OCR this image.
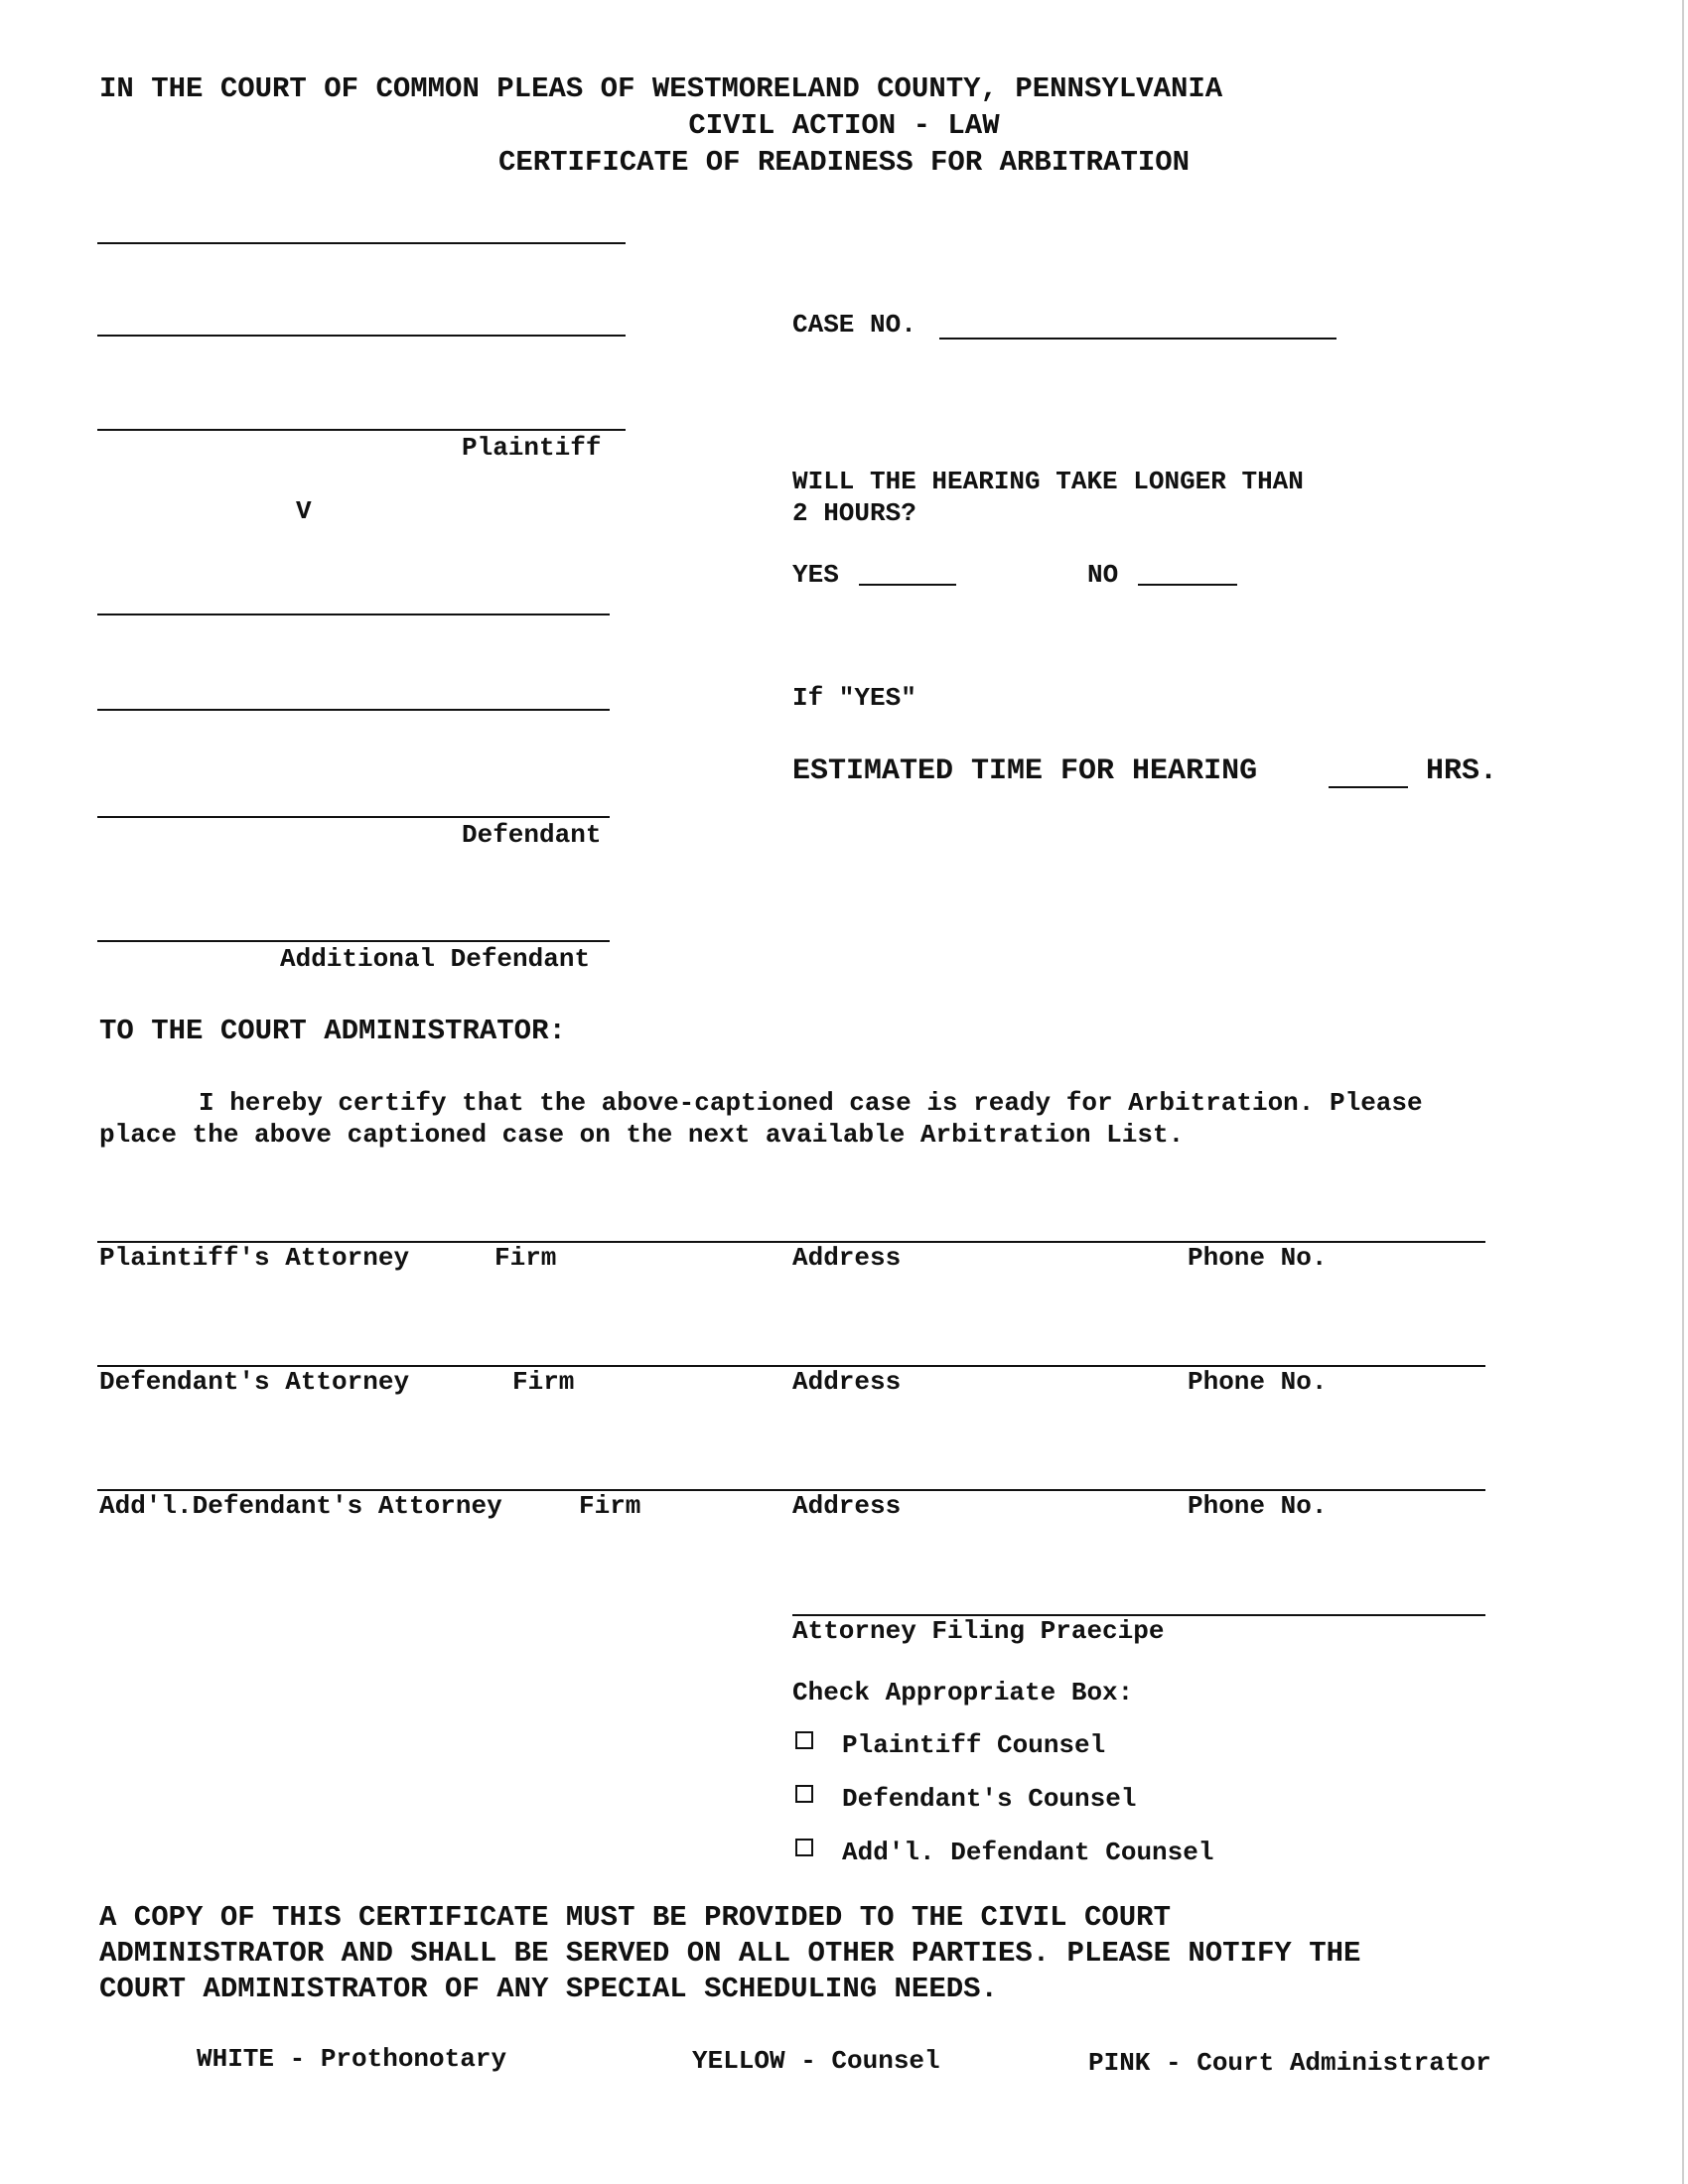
IN THE COURT OF COMMON PLEAS OF WESTMORELAND COUNTY, PENNSYLVANIA
CIVIL ACTION - LAW
CERTIFICATE OF READINESS FOR ARBITRATION
Plaintiff
V
Defendant
Additional Defendant
CASE NO.
WILL THE HEARING TAKE LONGER THAN
2 HOURS?
YES	NO
If "YES"
ESTIMATED TIME FOR HEARING	HRS.
TO THE COURT ADMINISTRATOR:
I hereby certify that the above-captioned case is ready for Arbitration. Please
place the above captioned case on the next available Arbitration List.
Plaintiff's Attorney	Firm	Address	Phone No.
Defendant's Attorney	Firm	Address	Phone No.
Add'l.Defendant's Attorney	Firm	Address	Phone No.
Attorney Filing Praecipe
Check Appropriate Box:
Plaintiff Counsel
Defendant's Counsel
Add'l. Defendant Counsel
A COPY OF THIS CERTIFICATE MUST BE PROVIDED TO THE CIVIL COURT
ADMINISTRATOR AND SHALL BE SERVED ON ALL OTHER PARTIES. PLEASE NOTIFY THE
COURT ADMINISTRATOR OF ANY SPECIAL SCHEDULING NEEDS.
WHITE - Prothonotary	YELLOW - Counsel	PINK - Court Administrator
